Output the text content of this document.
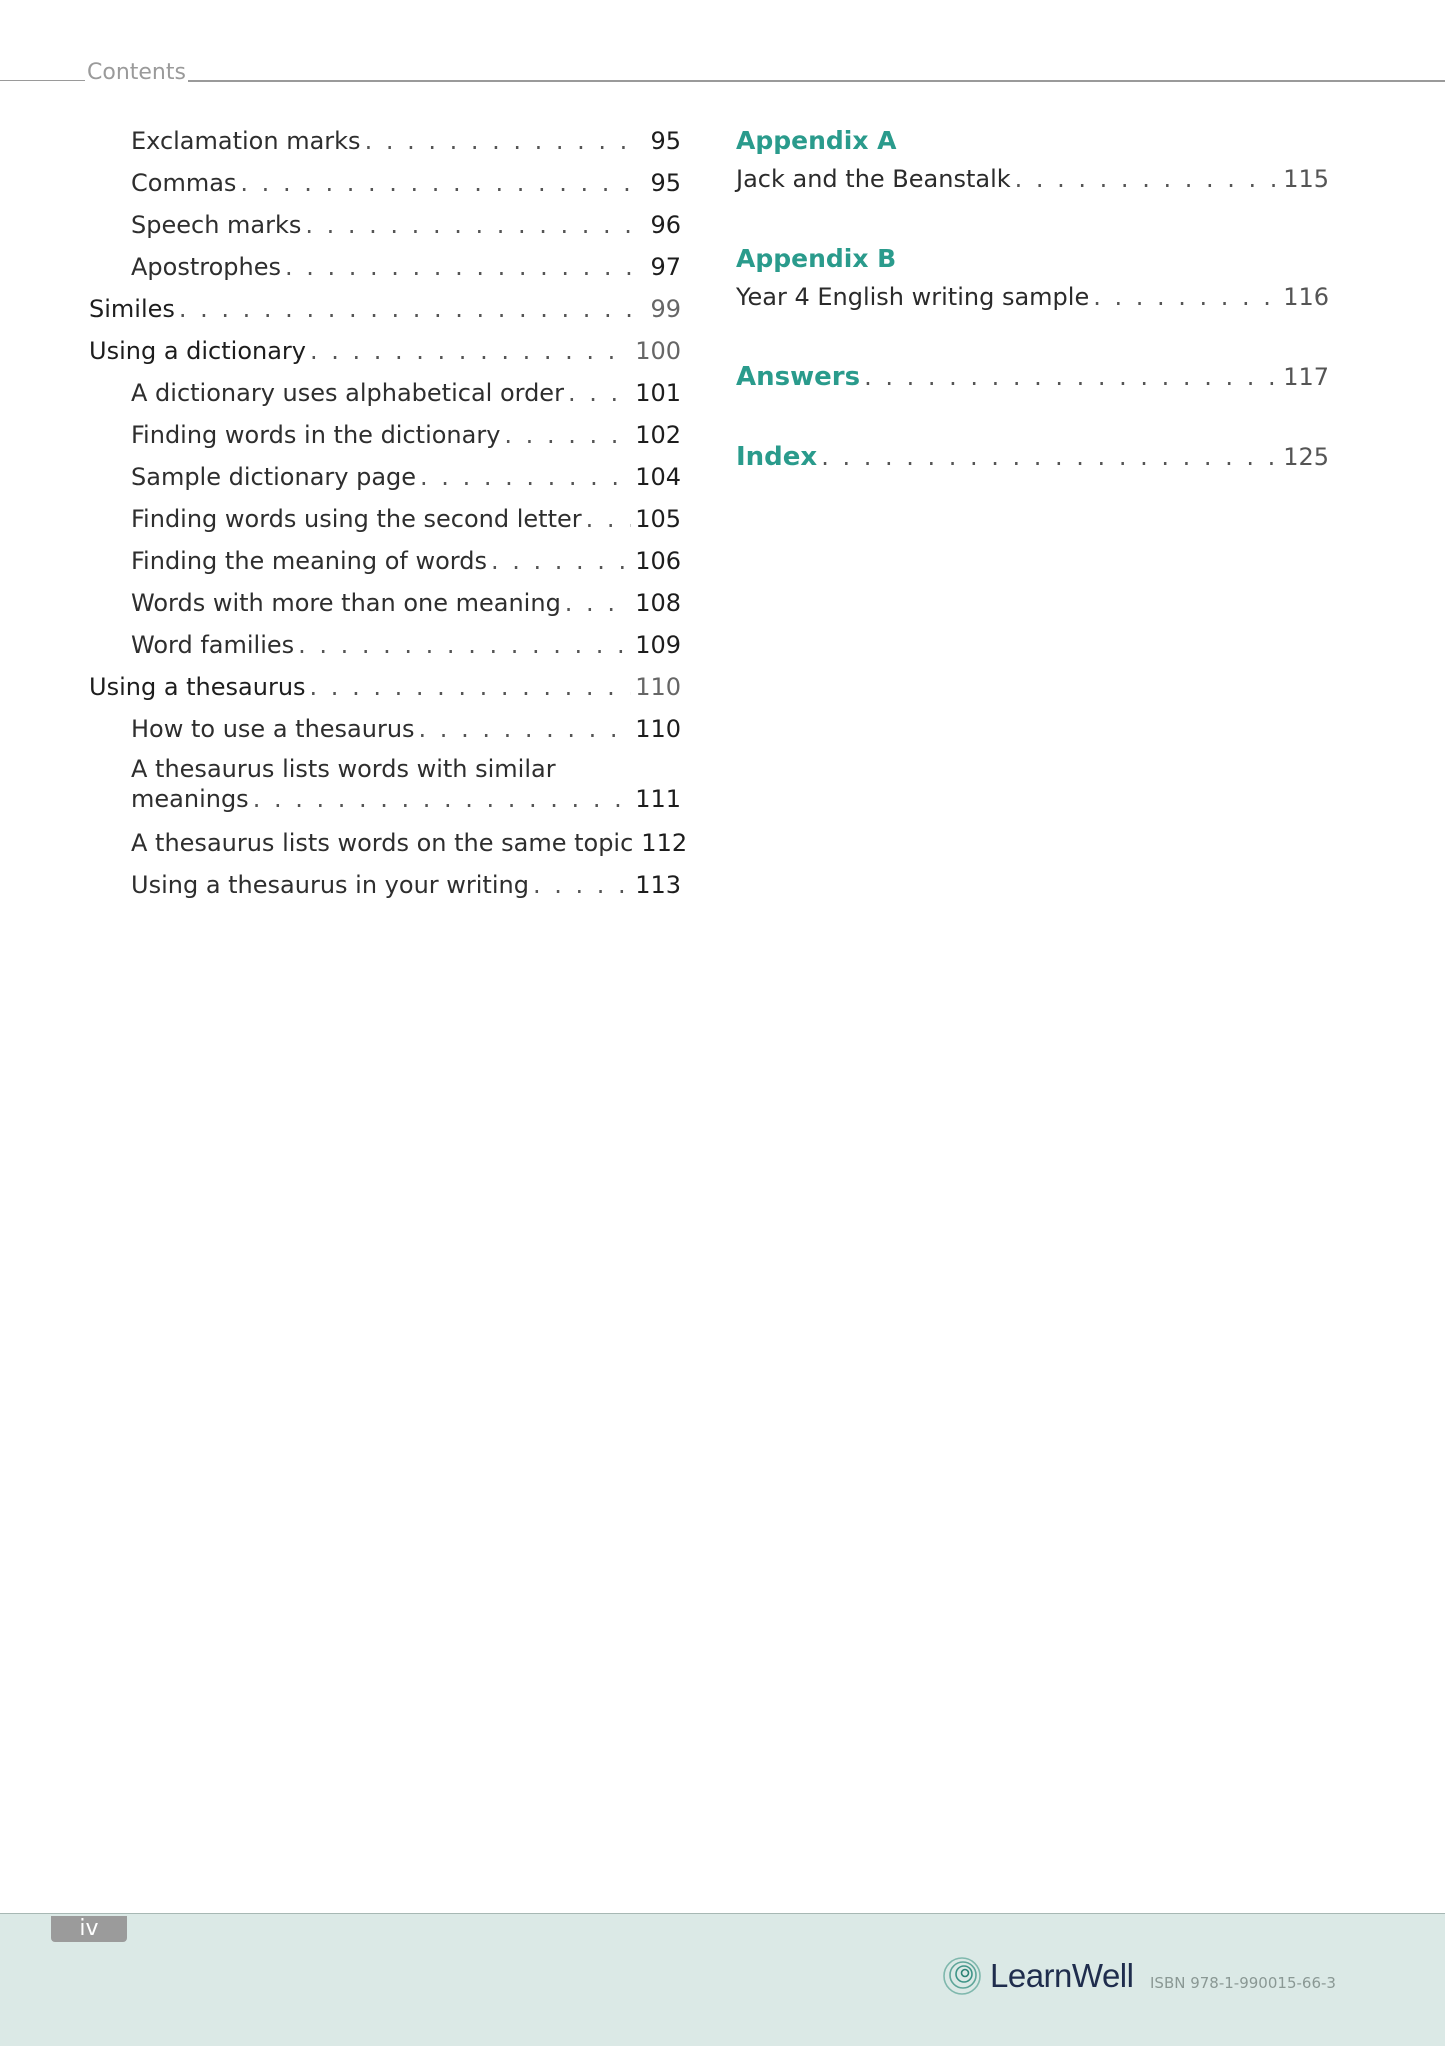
Contents
Exclamation marks . . .	95
Commas . . .	95
Speech marks . . .	96
Apostrophes . . .	97
Similes . . .	99
Using a dictionary . . .	100
A dictionary uses alphabetical order . . .	101
Finding words in the dictionary . . .	102
Sample dictionary page . . .	104
Finding words using the second letter . . . 105
Finding the meaning of words . . .	106
Words with more than one meaning . . .	108
Word families . . .	109
Using a thesaurus . . .	110
How to use a thesaurus . . .	110
A thesaurus lists words with similar
meanings . . .	111
A thesaurus lists words on the same topic 112
Using a thesaurus in your writing . . .	113
Appendix A
Jack and the Beanstalk . . .	115
Appendix B
Year 4 English writing sample . . .	116
Answers . . .	117
Index . . .	125
iv
LearnWell ISBN 978-1-990015-66-3
